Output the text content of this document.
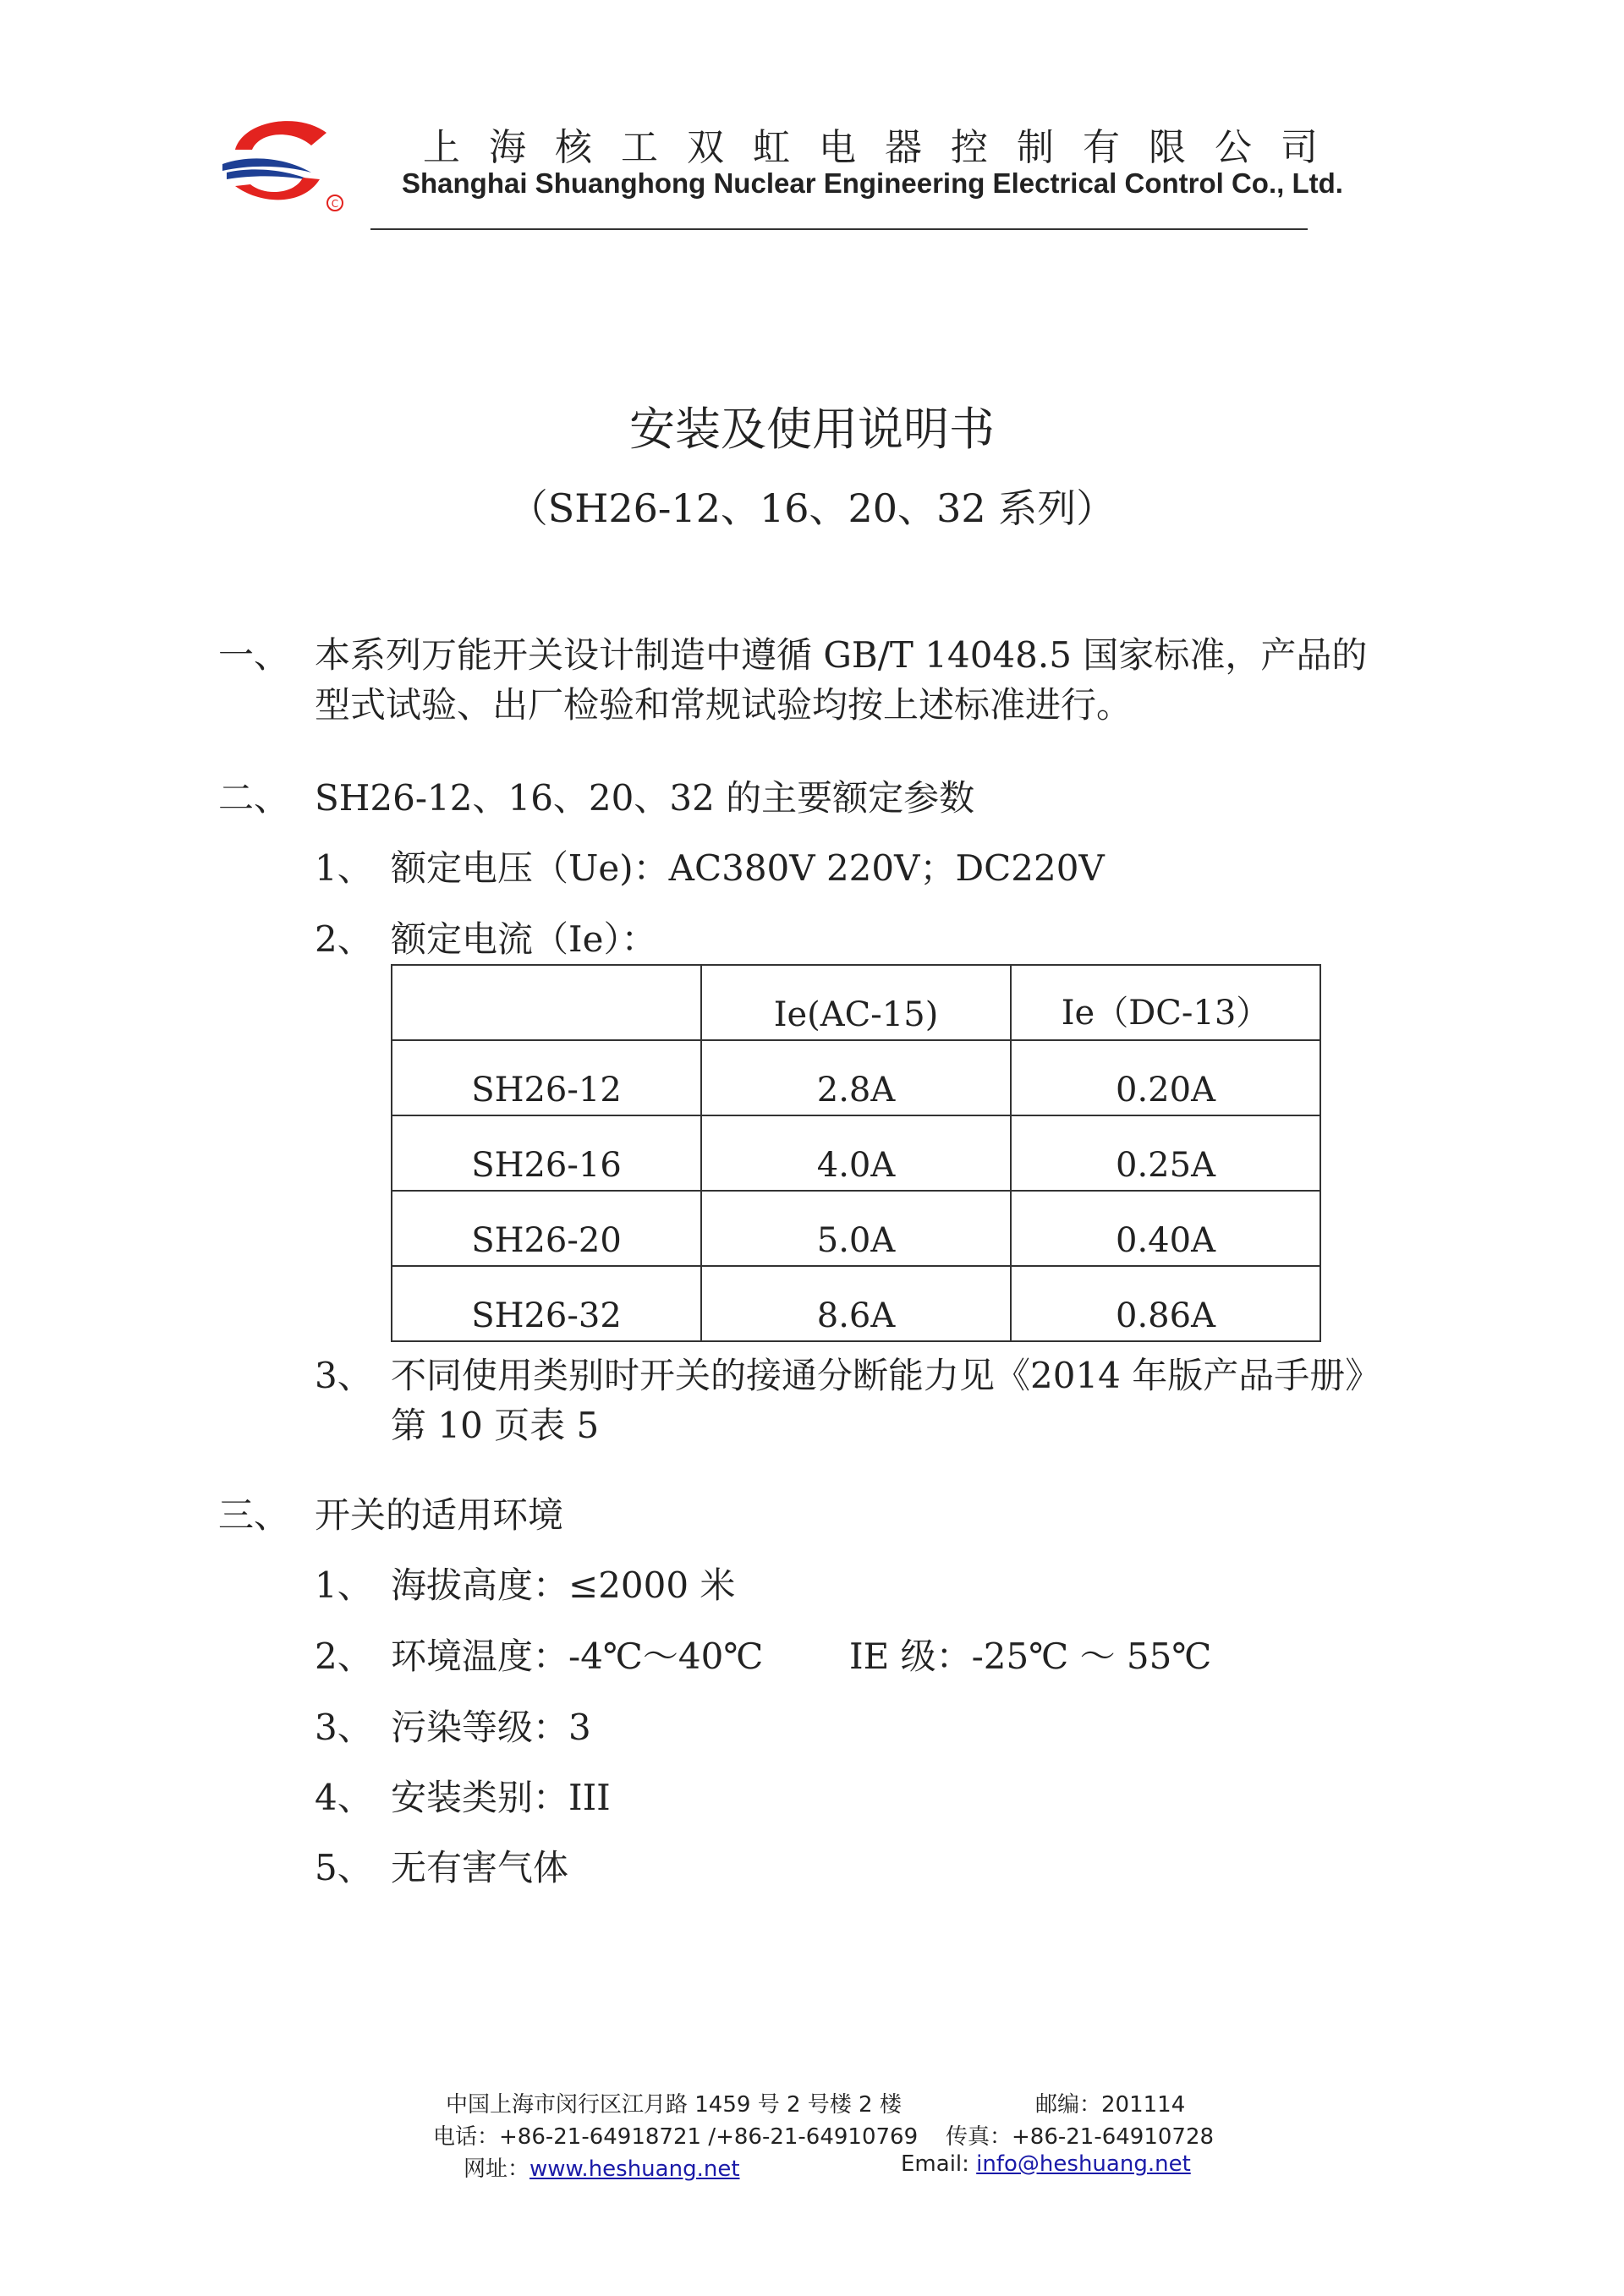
C
上海核工双虹电器控制有限公司
Shanghai Shuanghong Nuclear Engineering Electrical Control Co., Ltd.
安装及使用说明书
（SH26-12、16、20、32 系列）
一、 本系列万能开关设计制造中遵循 GB/T 14048.5 国家标准，产品的
型式试验、出厂检验和常规试验均按上述标准进行。
二、 SH26-12、16、20、32 的主要额定参数
1、 额定电压（Ue)：AC380V 220V；DC220V
2、 额定电流（Ie）：
	Ie(AC-15)	Ie（DC-13）
SH26-12	2.8A	0.20A
SH26-16	4.0A	0.25A
SH26-20	5.0A	0.40A
SH26-32	8.6A	0.86A
3、 不同使用类别时开关的接通分断能力见《2014 年版产品手册》
第 10 页表 5
三、 开关的适用环境
1、 海拔高度：≤2000 米
2、 环境温度：-4℃～40℃ IE 级：-25℃ ～ 55℃
3、 污染等级：3
4、 安装类别：III
5、 无有害气体
中国上海市闵行区江月路 1459 号 2 号楼 2 楼	邮编：201114
电话：+86-21-64918721 /+86-21-64910769 传真：+86-21-64910728
网址：www.heshuang.net	Email: info@heshuang.net
